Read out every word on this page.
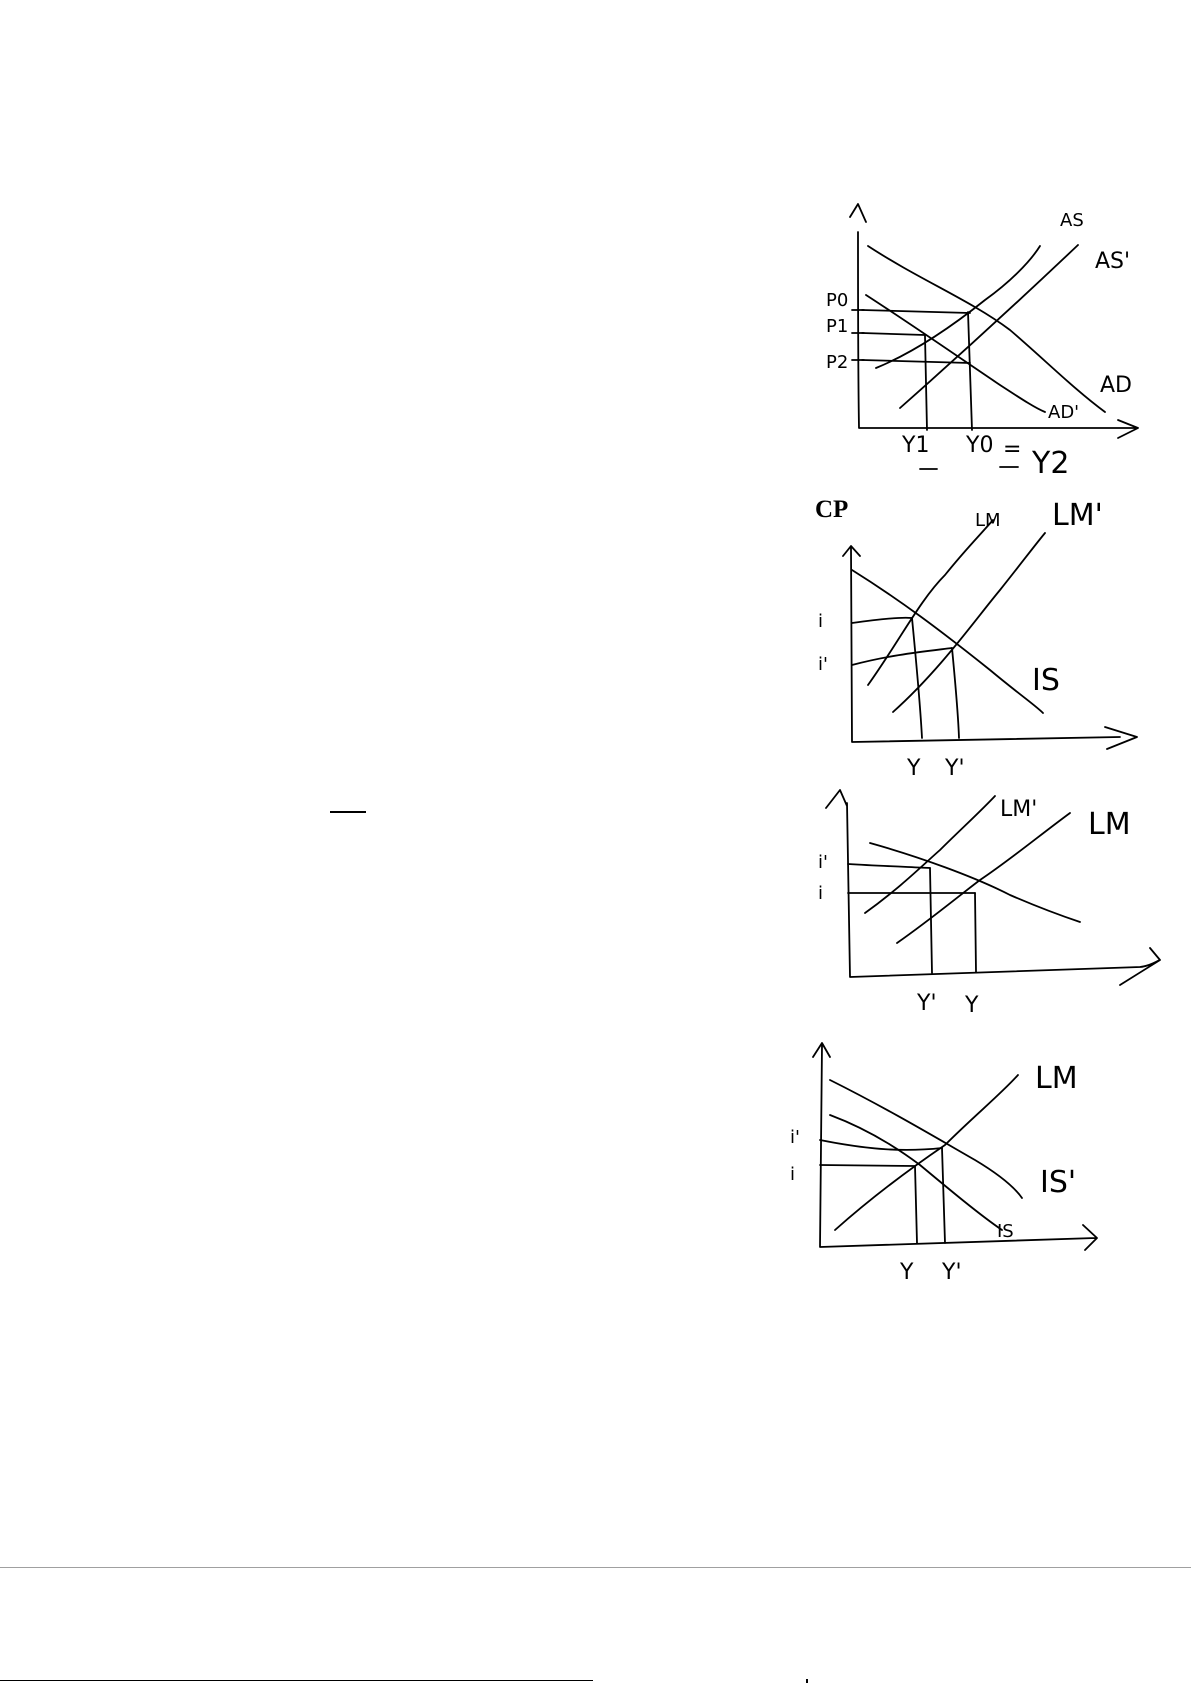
CP
AS
AS'
AD
AD'
P0
P1
P2
Y1 Y0 = Y2
LM LM'
IS
i
i'
Y Y'
LM' LM
i'
i
Y' Y
LM
IS'
IS
i'
i
Y Y'
